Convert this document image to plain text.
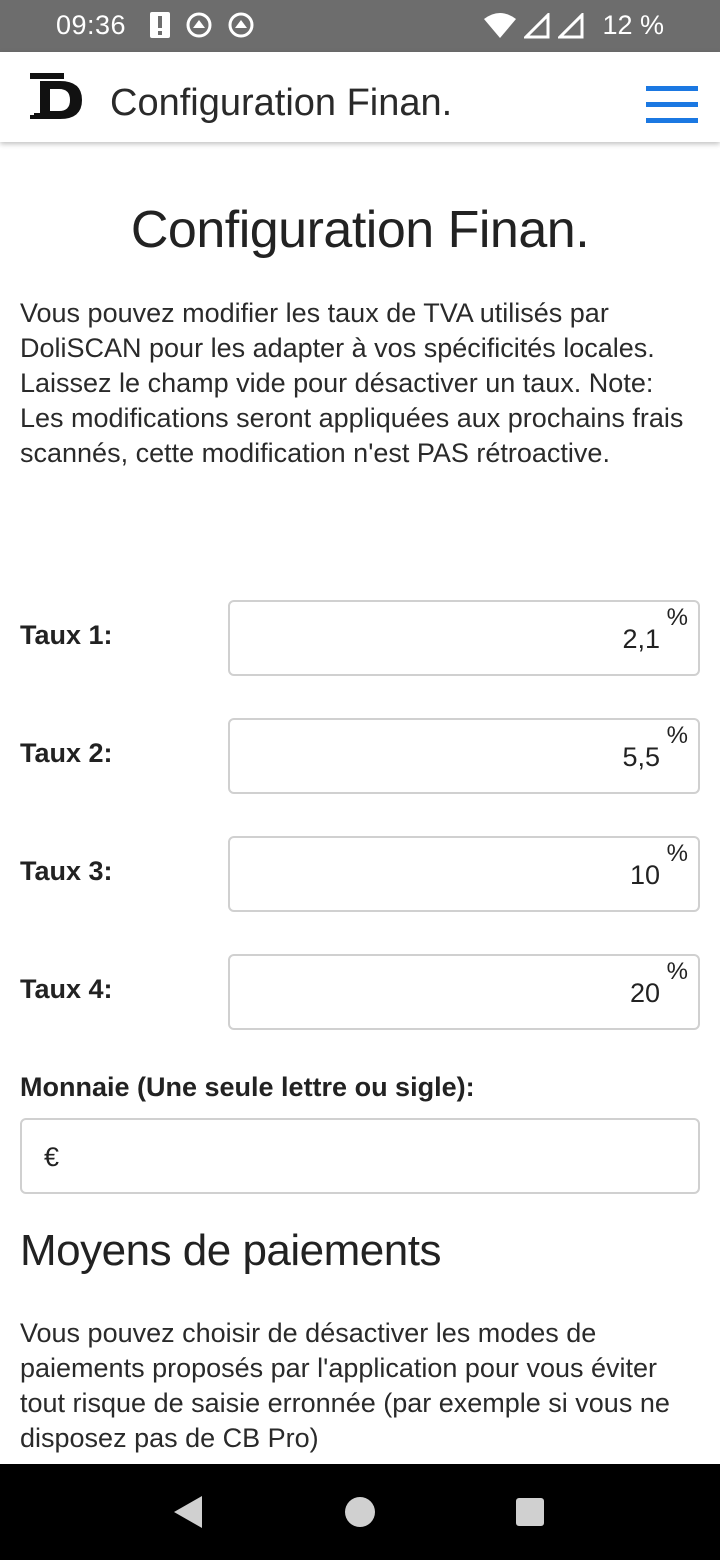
09:36	12 %
Configuration Finan.
Configuration Finan.

Vous pouvez modifier les taux de TVA utilisés par DoliSCAN pour les adapter à vos spécificités locales. Laissez le champ vide pour désactiver un taux. Note: Les modifications seront appliquées aux prochains frais scannés, cette modification n'est PAS rétroactive.

Taux 1:	2,1
%
Taux 2:	5,5
%
Taux 3:	10
%
Taux 4:	20
%
Monnaie (Une seule lettre ou sigle):
€
Moyens de paiements

Vous pouvez choisir de désactiver les modes de paiements proposés par l'application pour vous éviter tout risque de saisie erronnée (par exemple si vous ne disposez pas de CB Pro)
